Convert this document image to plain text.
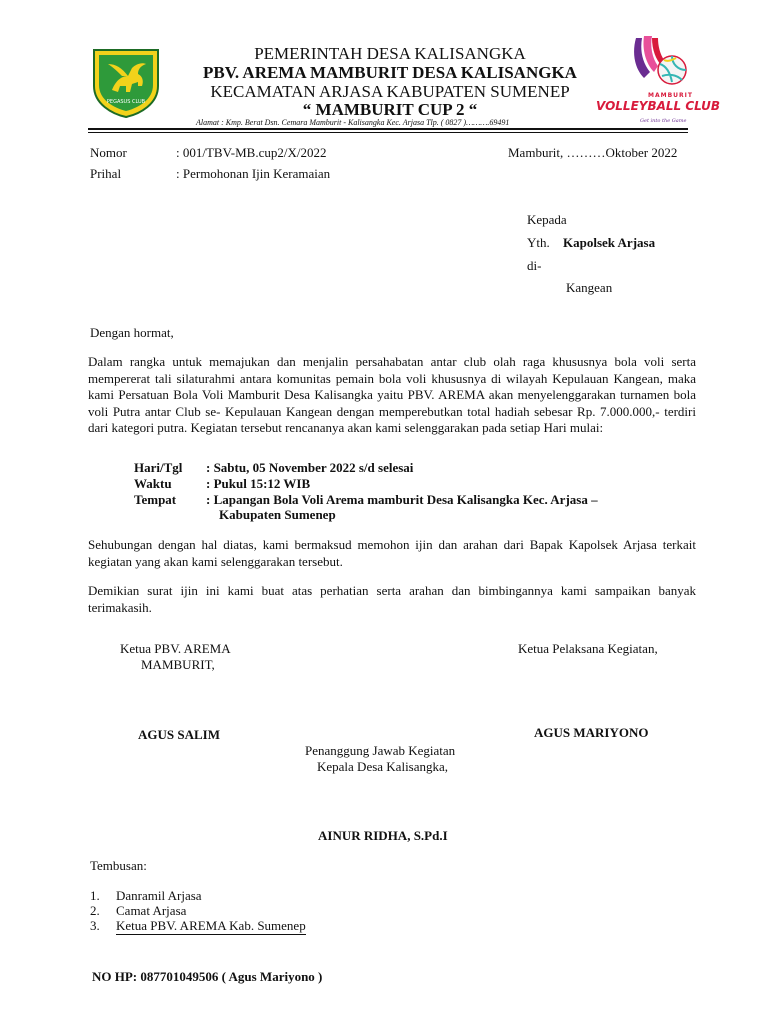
PEGASUS CLUB
PEMERINTAH DESA KALISANGKA
PBV. AREMA MAMBURIT DESA KALISANGKA
KECAMATAN ARJASA KABUPATEN SUMENEP
“ MAMBURIT CUP 2 “
Alamat : Kmp. Berat Dsn. Cemara Mamburit - Kalisangka Kec. Arjasa Tlp. ( 0827 )……….69491
MAMBURIT
VOLLEYBALL CLUB
Get into the Game
Nomor	: 001/TBV-MB.cup2/X/2022	Mamburit, ………Oktober 2022
Prihal	: Permohonan Ijin Keramaian
Kepada
Yth. Kapolsek Arjasa
di-
Kangean
Dengan hormat,
Dalam rangka untuk memajukan dan menjalin persahabatan antar club olah raga khususnya bola voli serta mempererat tali silaturahmi antara komunitas pemain bola voli khususnya di wilayah Kepulauan Kangean, maka kami Persatuan Bola Voli Mamburit Desa Kalisangka yaitu PBV. AREMA akan menyelenggarakan turnamen bola voli Putra antar Club se- Kepulauan Kangean dengan memperebutkan total hadiah sebesar Rp. 7.000.000,- terdiri dari kategori putra. Kegiatan tersebut rencananya akan kami selenggarakan pada setiap Hari mulai:
Hari/Tgl : Sabtu, 05 November 2022 s/d selesai
Waktu	: Pukul 15:12 WIB
Tempat : Lapangan Bola Voli Arema mamburit Desa Kalisangka Kec. Arjasa –
Kabupaten Sumenep
Sehubungan dengan hal diatas, kami bermaksud memohon ijin dan arahan dari Bapak Kapolsek Arjasa terkait kegiatan yang akan kami selenggarakan tersebut.
Demikian surat ijin ini kami buat atas perhatian serta arahan dan bimbingannya kami sampaikan banyak terimakasih.
Ketua PBV. AREMA
MAMBURIT,
Ketua Pelaksana Kegiatan,
AGUS SALIM	AGUS MARIYONO
Penanggung Jawab Kegiatan
Kepala Desa Kalisangka,
AINUR RIDHA, S.Pd.I
Tembusan:
1. Danramil Arjasa
2. Camat Arjasa
3. Ketua PBV. AREMA Kab. Sumenep
NO HP: 087701049506 ( Agus Mariyono )
